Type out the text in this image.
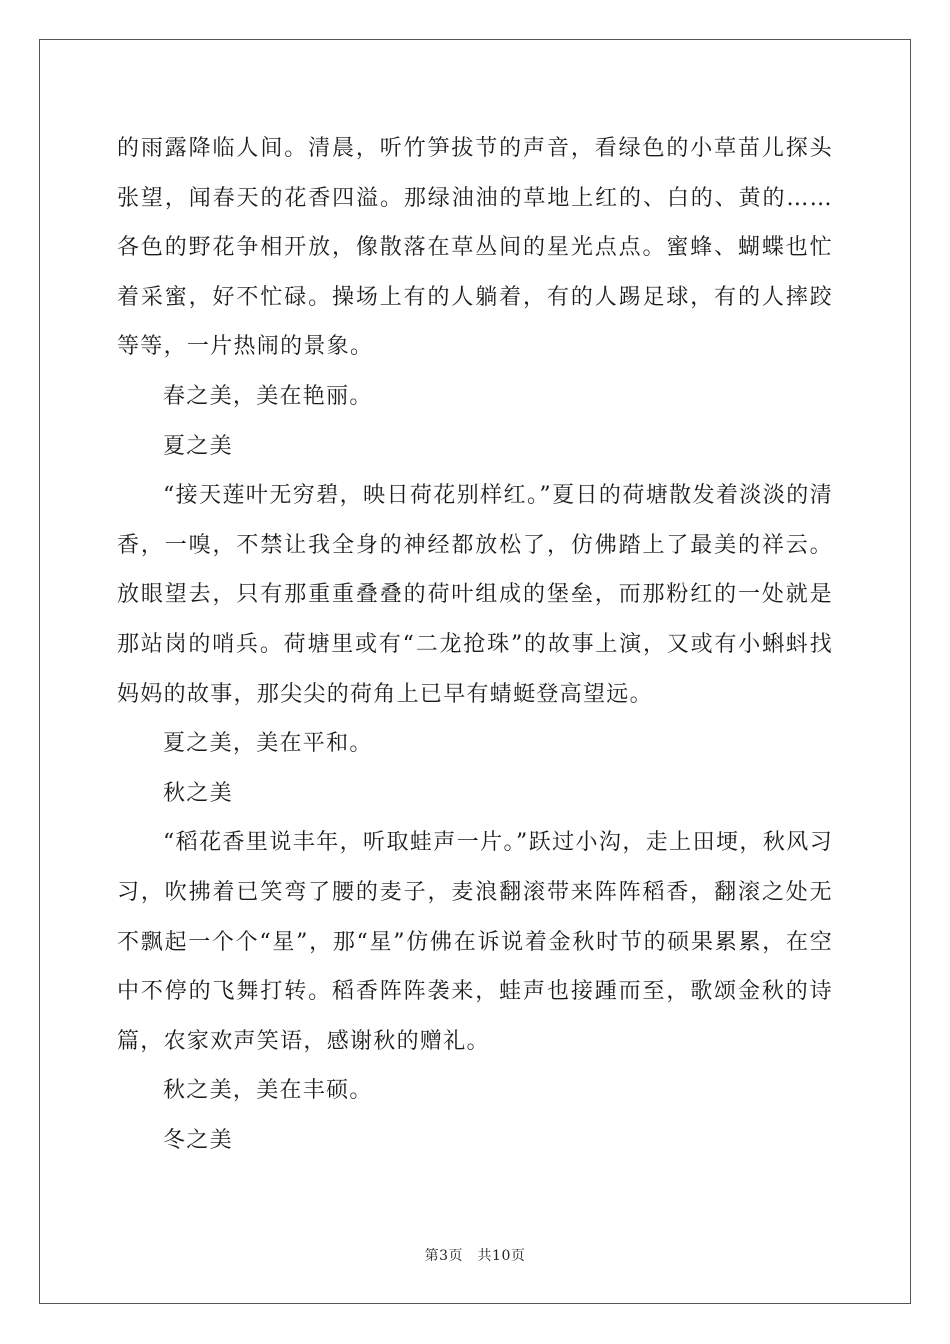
的雨露降临人间。清晨，听竹笋拔节的声音，看绿色的小草苗儿探头张望，闻春天的花香四溢。那绿油油的草地上红的、白的、黄的……各色的野花争相开放，像散落在草丛间的星光点点。蜜蜂、蝴蝶也忙着采蜜，好不忙碌。操场上有的人躺着，有的人踢足球，有的人摔跤等等，一片热闹的景象。

春之美，美在艳丽。

夏之美

“接天莲叶无穷碧，映日荷花别样红。”夏日的荷塘散发着淡淡的清香，一嗅，不禁让我全身的神经都放松了，仿佛踏上了最美的祥云。放眼望去，只有那重重叠叠的荷叶组成的堡垒，而那粉红的一处就是那站岗的哨兵。荷塘里或有“二龙抢珠”的故事上演，又或有小蝌蚪找妈妈的故事，那尖尖的荷角上已早有蜻蜓登高望远。

夏之美，美在平和。

秋之美

“稻花香里说丰年，听取蛙声一片。”跃过小沟，走上田埂，秋风习习，吹拂着已笑弯了腰的麦子，麦浪翻滚带来阵阵稻香，翻滚之处无不飘起一个个“星”，那“星”仿佛在诉说着金秋时节的硕果累累，在空中不停的飞舞打转。稻香阵阵袭来，蛙声也接踵而至，歌颂金秋的诗篇，农家欢声笑语，感谢秋的赠礼。

秋之美，美在丰硕。

冬之美

第3页　共10页
